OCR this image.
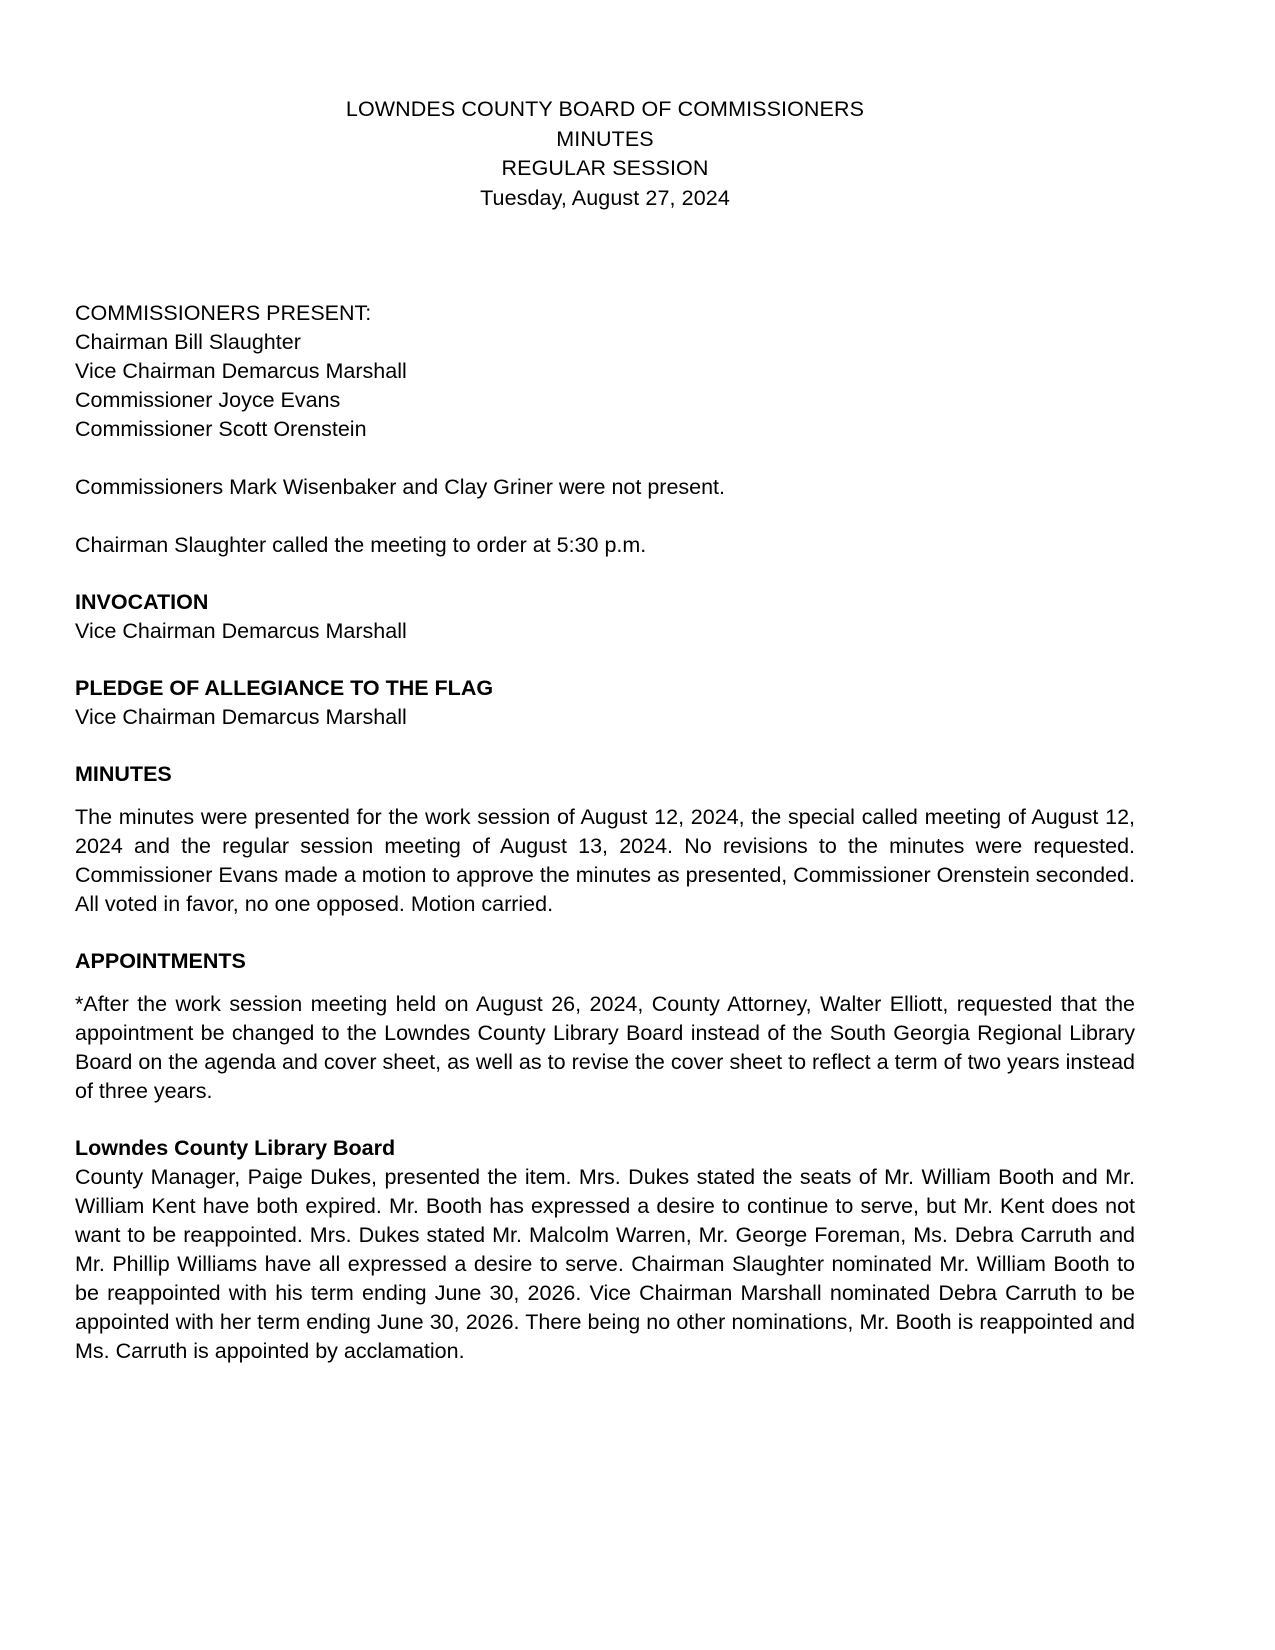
LOWNDES COUNTY BOARD OF COMMISSIONERS
MINUTES
REGULAR SESSION
Tuesday, August 27, 2024
COMMISSIONERS PRESENT:
Chairman Bill Slaughter
Vice Chairman Demarcus Marshall
Commissioner Joyce Evans
Commissioner Scott Orenstein
Commissioners Mark Wisenbaker and Clay Griner were not present.
Chairman Slaughter called the meeting to order at 5:30 p.m.
INVOCATION
Vice Chairman Demarcus Marshall
PLEDGE OF ALLEGIANCE TO THE FLAG
Vice Chairman Demarcus Marshall
MINUTES

The minutes were presented for the work session of August 12, 2024, the special called meeting of August 12, 2024 and the regular session meeting of August 13, 2024. No revisions to the minutes were requested. Commissioner Evans made a motion to approve the minutes as presented, Commissioner Orenstein seconded. All voted in favor, no one opposed. Motion carried.

APPOINTMENTS

*After the work session meeting held on August 26, 2024, County Attorney, Walter Elliott, requested that the appointment be changed to the Lowndes County Library Board instead of the South Georgia Regional Library Board on the agenda and cover sheet, as well as to revise the cover sheet to reflect a term of two years instead of three years.

Lowndes County Library Board

County Manager, Paige Dukes, presented the item. Mrs. Dukes stated the seats of Mr. William Booth and Mr. William Kent have both expired. Mr. Booth has expressed a desire to continue to serve, but Mr. Kent does not want to be reappointed. Mrs. Dukes stated Mr. Malcolm Warren, Mr. George Foreman, Ms. Debra Carruth and Mr. Phillip Williams have all expressed a desire to serve. Chairman Slaughter nominated Mr. William Booth to be reappointed with his term ending June 30, 2026. Vice Chairman Marshall nominated Debra Carruth to be appointed with her term ending June 30, 2026. There being no other nominations, Mr. Booth is reappointed and Ms. Carruth is appointed by acclamation.
